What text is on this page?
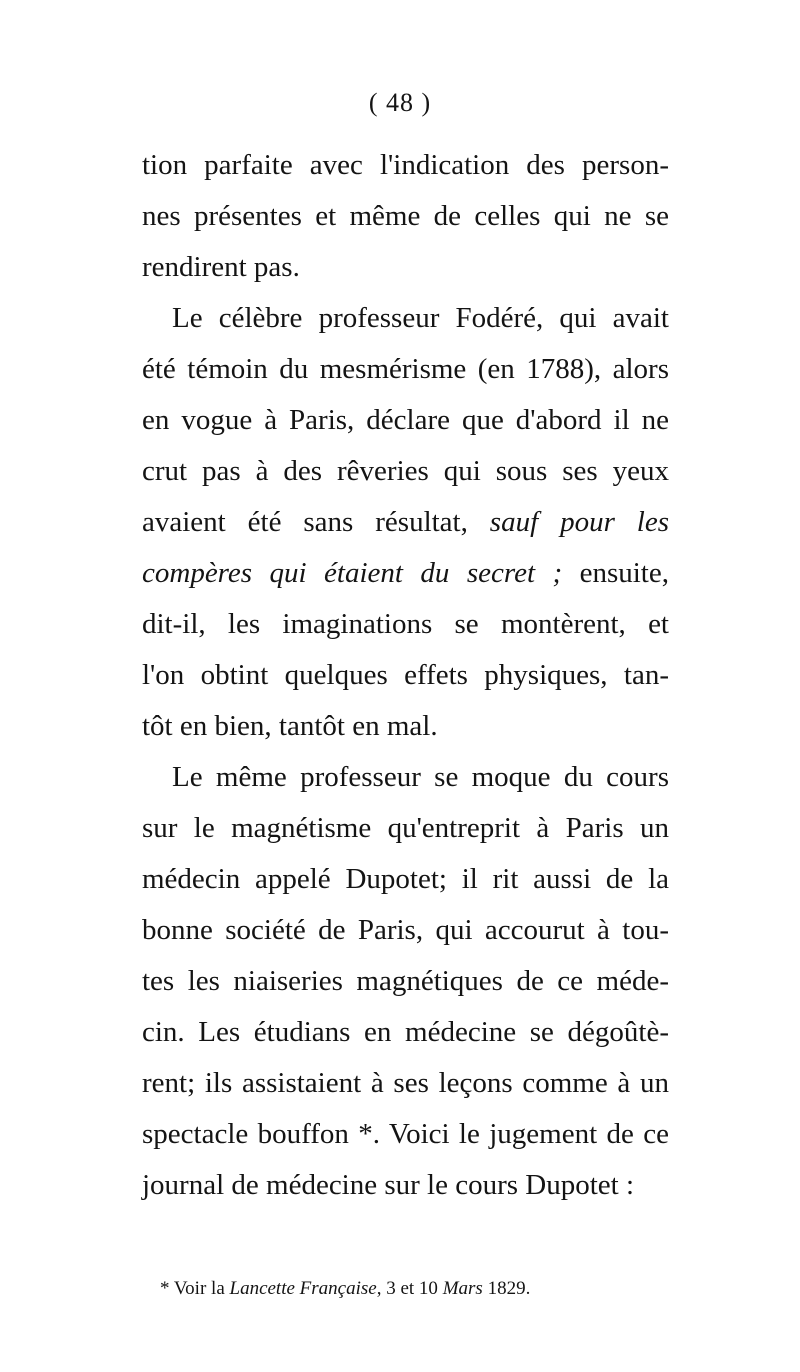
( 48 )
tion parfaite avec l'indication des person-
nes présentes et même de celles qui ne se
rendirent pas.
Le célèbre professeur Fodéré, qui avait
été témoin du mesmérisme (en 1788), alors
en vogue à Paris, déclare que d'abord il ne
crut pas à des rêveries qui sous ses yeux
avaient été sans résultat, sauf pour les
compères qui étaient du secret ; ensuite,
dit-il, les imaginations se montèrent, et
l'on obtint quelques effets physiques, tan-
tôt en bien, tantôt en mal.
Le même professeur se moque du cours
sur le magnétisme qu'entreprit à Paris un
médecin appelé Dupotet; il rit aussi de la
bonne société de Paris, qui accourut à tou-
tes les niaiseries magnétiques de ce méde-
cin. Les étudians en médecine se dégoûtè-
rent; ils assistaient à ses leçons comme à un
spectacle bouffon *. Voici le jugement de ce
journal de médecine sur le cours Dupotet :
* Voir la Lancette Française, 3 et 10 Mars 1829.
